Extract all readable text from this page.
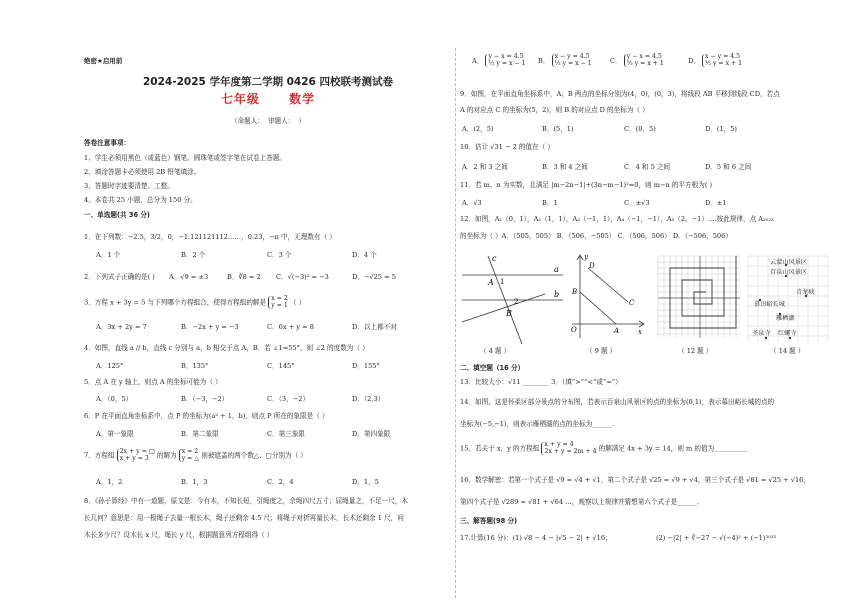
绝密★启用前
2024-2025 学年度第二学期 0426 四校联考测试卷
七年级 数学
（命题人： 审题人： ）
答卷注意事项：
1、学生必须用黑色（或蓝色）钢笔、圆珠笔或签字笔在试卷上答题。
2、填涂答题卡必须使用 2B 铅笔填涂。
3、答题时字迹要清楚、工整。
4、本卷共 25 小题，总分为 150 分。
一、单选题(共 36 分)
1．在下列数：−2.5，3/2，0，−1.121121112……，0.23̇，−π 中，无理数有（ ）
A．1 个	B．2 个	C．3 个	D．4 个
2．下列式子正确的是( ) A．√9 = ±3	B．∛8 = 2 C．√(−3)² = −3	D．−√25 = 5
3．方程 x + 3y = 5 与下列哪个方程组合，使得方程组的解是 x = 2
y = 1 （ ）
A．3x + 2y = 7	B．−2x + y = −3	C．6x + y = 8	D．以上都不对
4．如图，直线 a // b，直线 c 分别与 a，b 相交于点 A，B．若 ∠1=55°，则 ∠2 的度数为（ ）
A．125°	B．135°	C．145°	D．155°
5．点 A 在 y 轴上，则点 A 的坐标可能为（ ）
A．（0，5）	B．（−3，−2）	C．（3，−2）	D．（2,3）
6．P 在平面直角坐标系中，点 P 的坐标为(a² + 1，b)，则点 P 所在的象限是（ ）
A．第一象限	B．第二象限	C．第三象限	D．第四象限
7．方程组 2x + y = □
x + y = 3 的解为 x = 2
y = △ 则被遮盖的两个数△、□分别为（ ）
A．1，2	B．1，3	C．2，4	D．1，5
8．《孙子算经》中有一道题，原文是：今有木，不知长短，引绳度之，余绳四尺五寸；屈绳量之，不足一尺，木
长几何？意思是：用一根绳子去量一根长木，绳子还剩余 4.5 尺；将绳子对折再量长木，长木还剩余 1 尺，问
木长多少尺？设木长 x 尺，绳长 y 尺，根据题意列方程组得（ ）
A． y − x = 4.5
½ y = x − 1 B． x − y = 4.5
½ y = x − 1	C． y − x = 4.5
½ y = x + 1	D． x − y = 4.5
½ y = x + 1
9．如图，在平面直角坐标系中，A、B 两点的坐标分别为(4，0)，(0，3)，将线段 AB 平移到线段 CD，若点
A 的对应点 C 的坐标为(5，2)，则 B 的对应点 D 的坐标为（ ）
A．(2，5)	B．(5，1)	C．(0，5)	D．(1，5)
10．估计 √31 − 2 的值在（ ）
A．2 和 3 之间	B．3 和 4 之间	C．4 和 5 之间	D．5 和 6 之间
11．若 m、n 为实数，且满足 |m−2n−1|+(3n−m−1)²=0，则 m−n 的平方根为( )
A．√3	B．1	C．±√3	D．±1
12．如图，A₁（0，1），A₂（1，1），A₃（−1，1），A₄（−1，−1），A₅（2，−1）.…按此规律，点 A₂₀₂₃
的坐标为（ ）A．（505，505） B．（506，−505） C．（506，506） D．（−506，506）
c
a
b
A
B
1
2
y
x
O	A
B
C
D	云蒙山风景区
百泉山风景区
青龙峡
慕田峪长城
雁栖湖
圣泉寺 红螺寺
（ 4 题 ）	（ 9 题 ）	（ 12 题 ）	（ 14 题 ）
二、填空题（16 分）
13．比较大小：√11 ________ 3．（填“>”“<”或“=”）
14．如图，这是怀柔区部分景点的分布图，若表示百泉山风景区的点的坐标为(0,1)，表示慕田峪长城的点的
坐标为(−5,−1)，则表示雁栖湖的点的坐标为______.
15．若关于 x，y 的方程组 x + y = 4
2x + y = 2m + 4 的解满足 4x + 3y = 14，则 m 的值为__________
16．数学解密：若第一个式子是 √9 = √4 + √1，第二个式子是 √25 = √9 + √4，第三个式子是 √81 = √25 + √16，
第四个式子是 √289 = √81 + √64 …，观察以上规律并猜想第六个式子是______.
三、解答题(98 分)
17.计算(16 分)：(1) √8 − 4 − |√5 − 2| + √16；	(2) −|2| + ∛−27 − √(−4)² + (−1)²⁰²³
